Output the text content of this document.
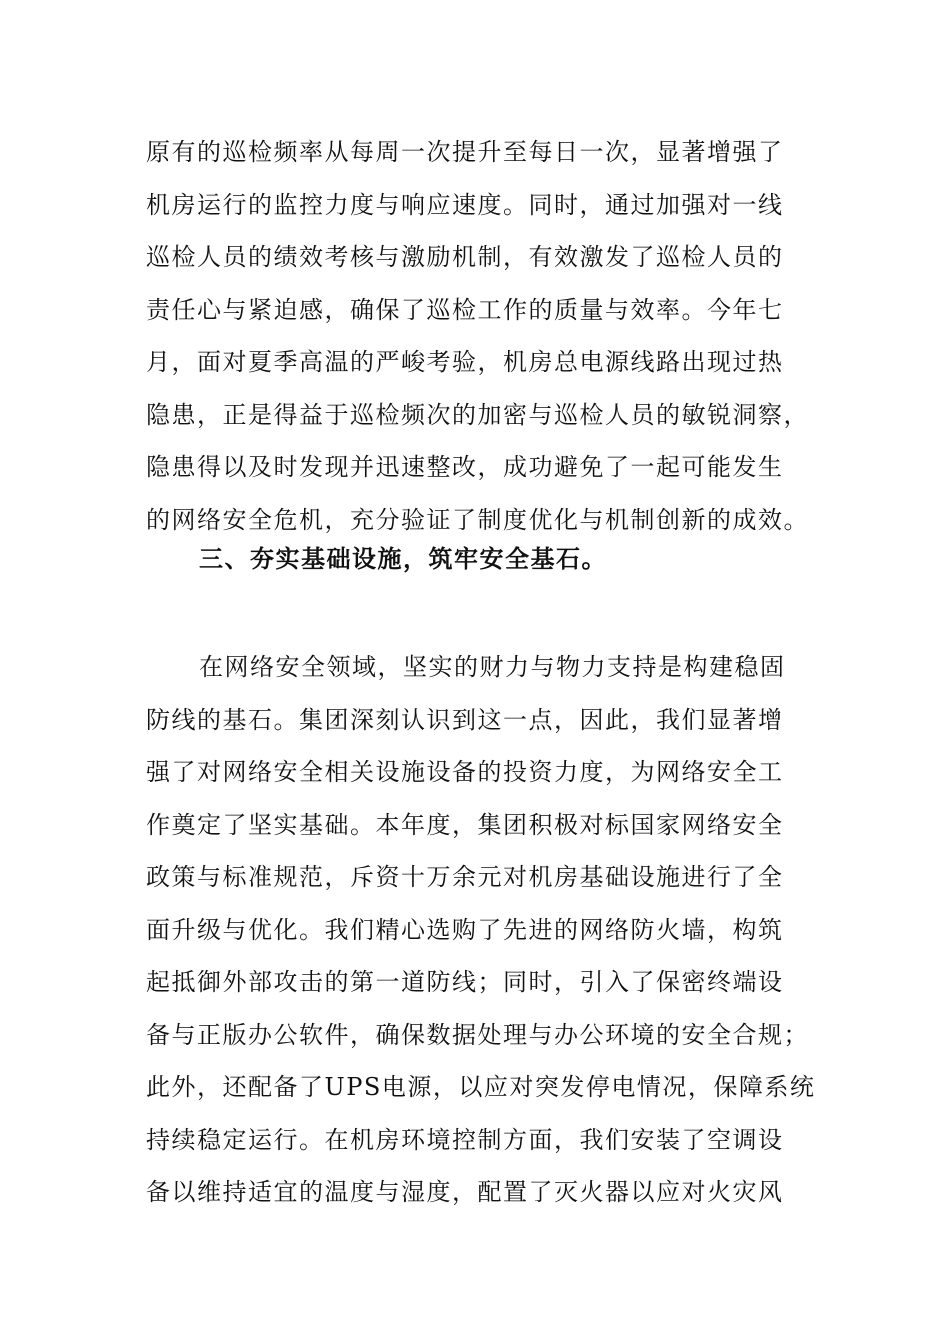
原有的巡检频率从每周一次提升至每日一次，显著增强了
机房运行的监控力度与响应速度。同时，通过加强对一线
巡检人员的绩效考核与激励机制，有效激发了巡检人员的
责任心与紧迫感，确保了巡检工作的质量与效率。今年七
月，面对夏季高温的严峻考验，机房总电源线路出现过热
隐患，正是得益于巡检频次的加密与巡检人员的敏锐洞察，
隐患得以及时发现并迅速整改，成功避免了一起可能发生
的网络安全危机，充分验证了制度优化与机制创新的成效。

三、夯实基础设施，筑牢安全基石。

在网络安全领域，坚实的财力与物力支持是构建稳固
防线的基石。集团深刻认识到这一点，因此，我们显著增
强了对网络安全相关设施设备的投资力度，为网络安全工
作奠定了坚实基础。本年度，集团积极对标国家网络安全
政策与标准规范，斥资十万余元对机房基础设施进行了全
面升级与优化。我们精心选购了先进的网络防火墙，构筑
起抵御外部攻击的第一道防线；同时，引入了保密终端设
备与正版办公软件，确保数据处理与办公环境的安全合规；
此外，还配备了UPS电源，以应对突发停电情况，保障系统
持续稳定运行。在机房环境控制方面，我们安装了空调设
备以维持适宜的温度与湿度，配置了灭火器以应对火灾风
